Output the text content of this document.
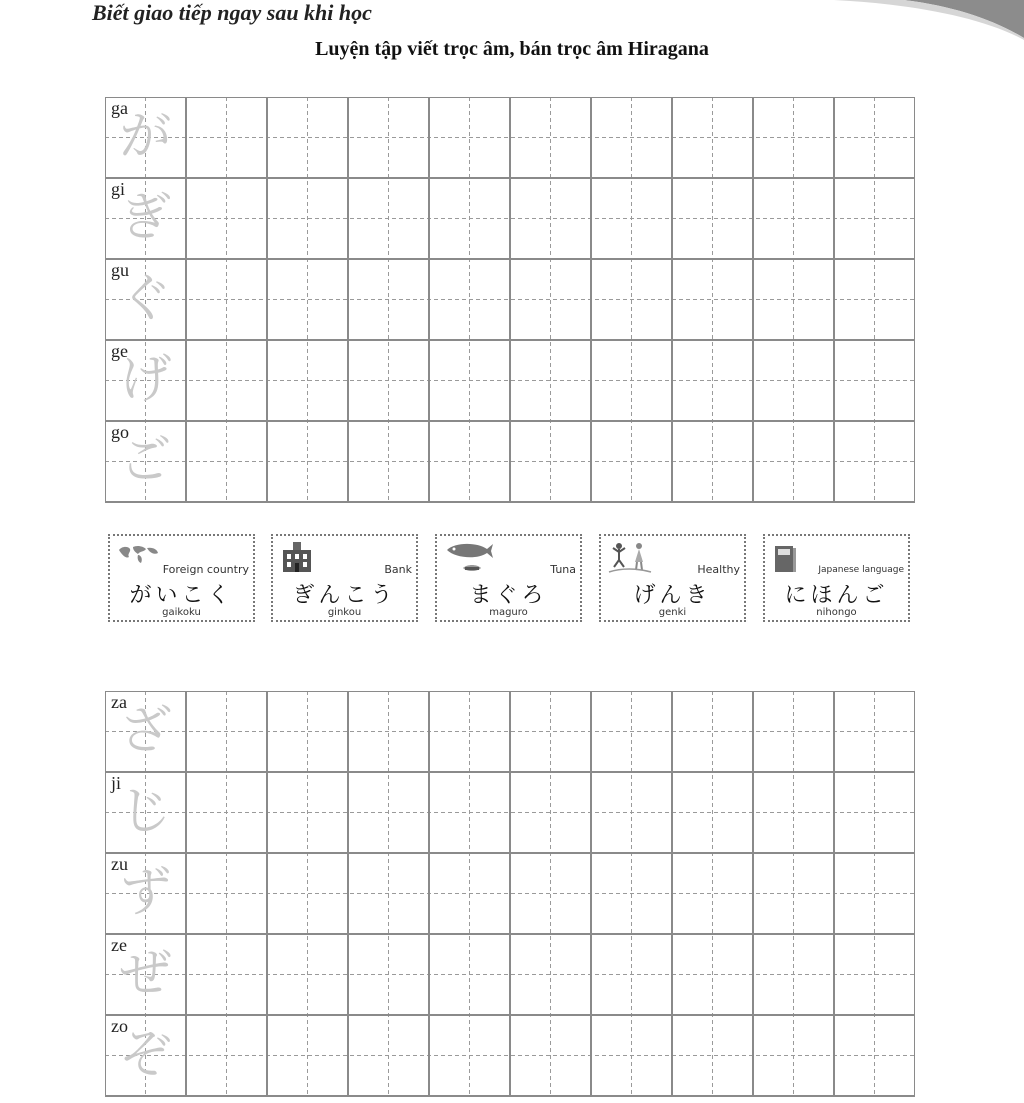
Biết giao tiếp ngay sau khi học
Luyện tập viết trọc âm, bán trọc âm Hiragana
が
ぎ
ぐ
げ
ご
ga
gi
gu
ge
go
Foreign country
がいこく
gaikoku
Bank
ぎんこう
ginkou
Tuna
まぐろ
maguro
Healthy
げんき
genki
Japanese language
にほんご
nihongo
ざ
じ
ず
ぜ
ぞ
za
ji
zu
ze
zo
